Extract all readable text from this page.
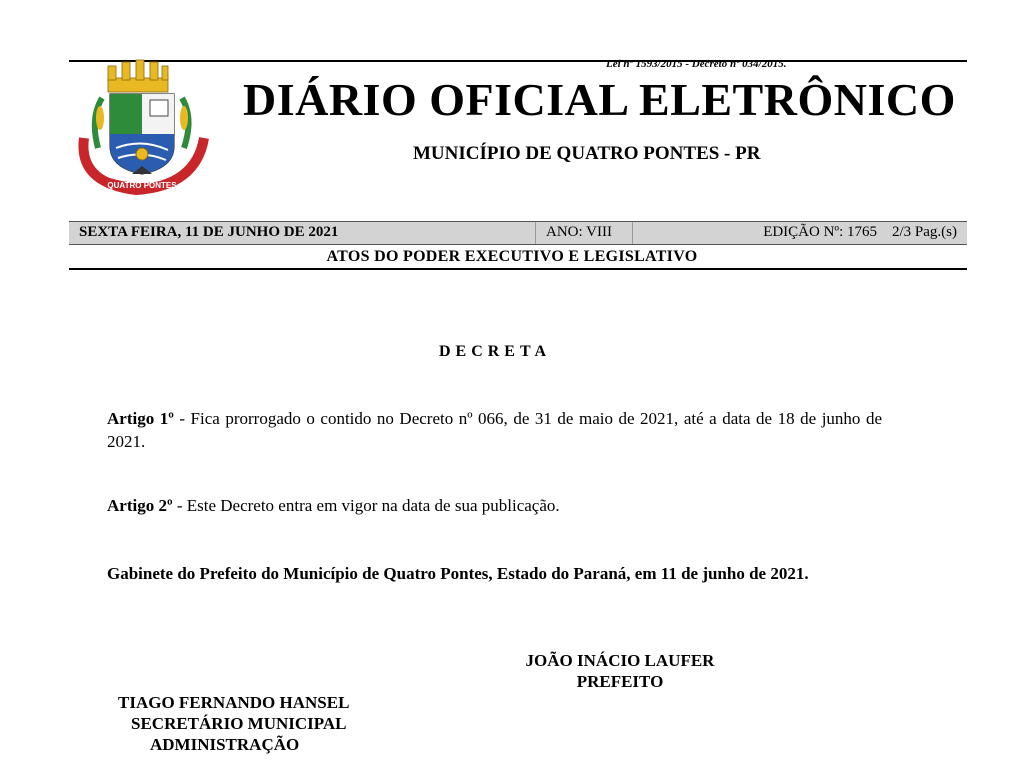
Lei nº 1593/2015 - Decreto nº 034/2015.
QUATRO PONTES
DIÁRIO OFICIAL ELETRÔNICO
MUNICÍPIO DE QUATRO PONTES - PR
SEXTA FEIRA, 11 DE JUNHO DE 2021	ANO: VIII	EDIÇÃO Nº: 1765    2/3 Pag.(s)
ATOS DO PODER EXECUTIVO E LEGISLATIVO
DECRETA
Artigo 1º - Fica prorrogado o contido no Decreto nº 066, de 31 de maio de 2021, até a data de 18 de junho de 2021.
Artigo 2º - Este Decreto entra em vigor na data de sua publicação.
Gabinete do Prefeito do Município de Quatro Pontes, Estado do Paraná, em 11 de junho de 2021.
JOÃO INÁCIO LAUFER
PREFEITO
TIAGO FERNANDO HANSEL
SECRETÁRIO MUNICIPAL
ADMINISTRAÇÃO
